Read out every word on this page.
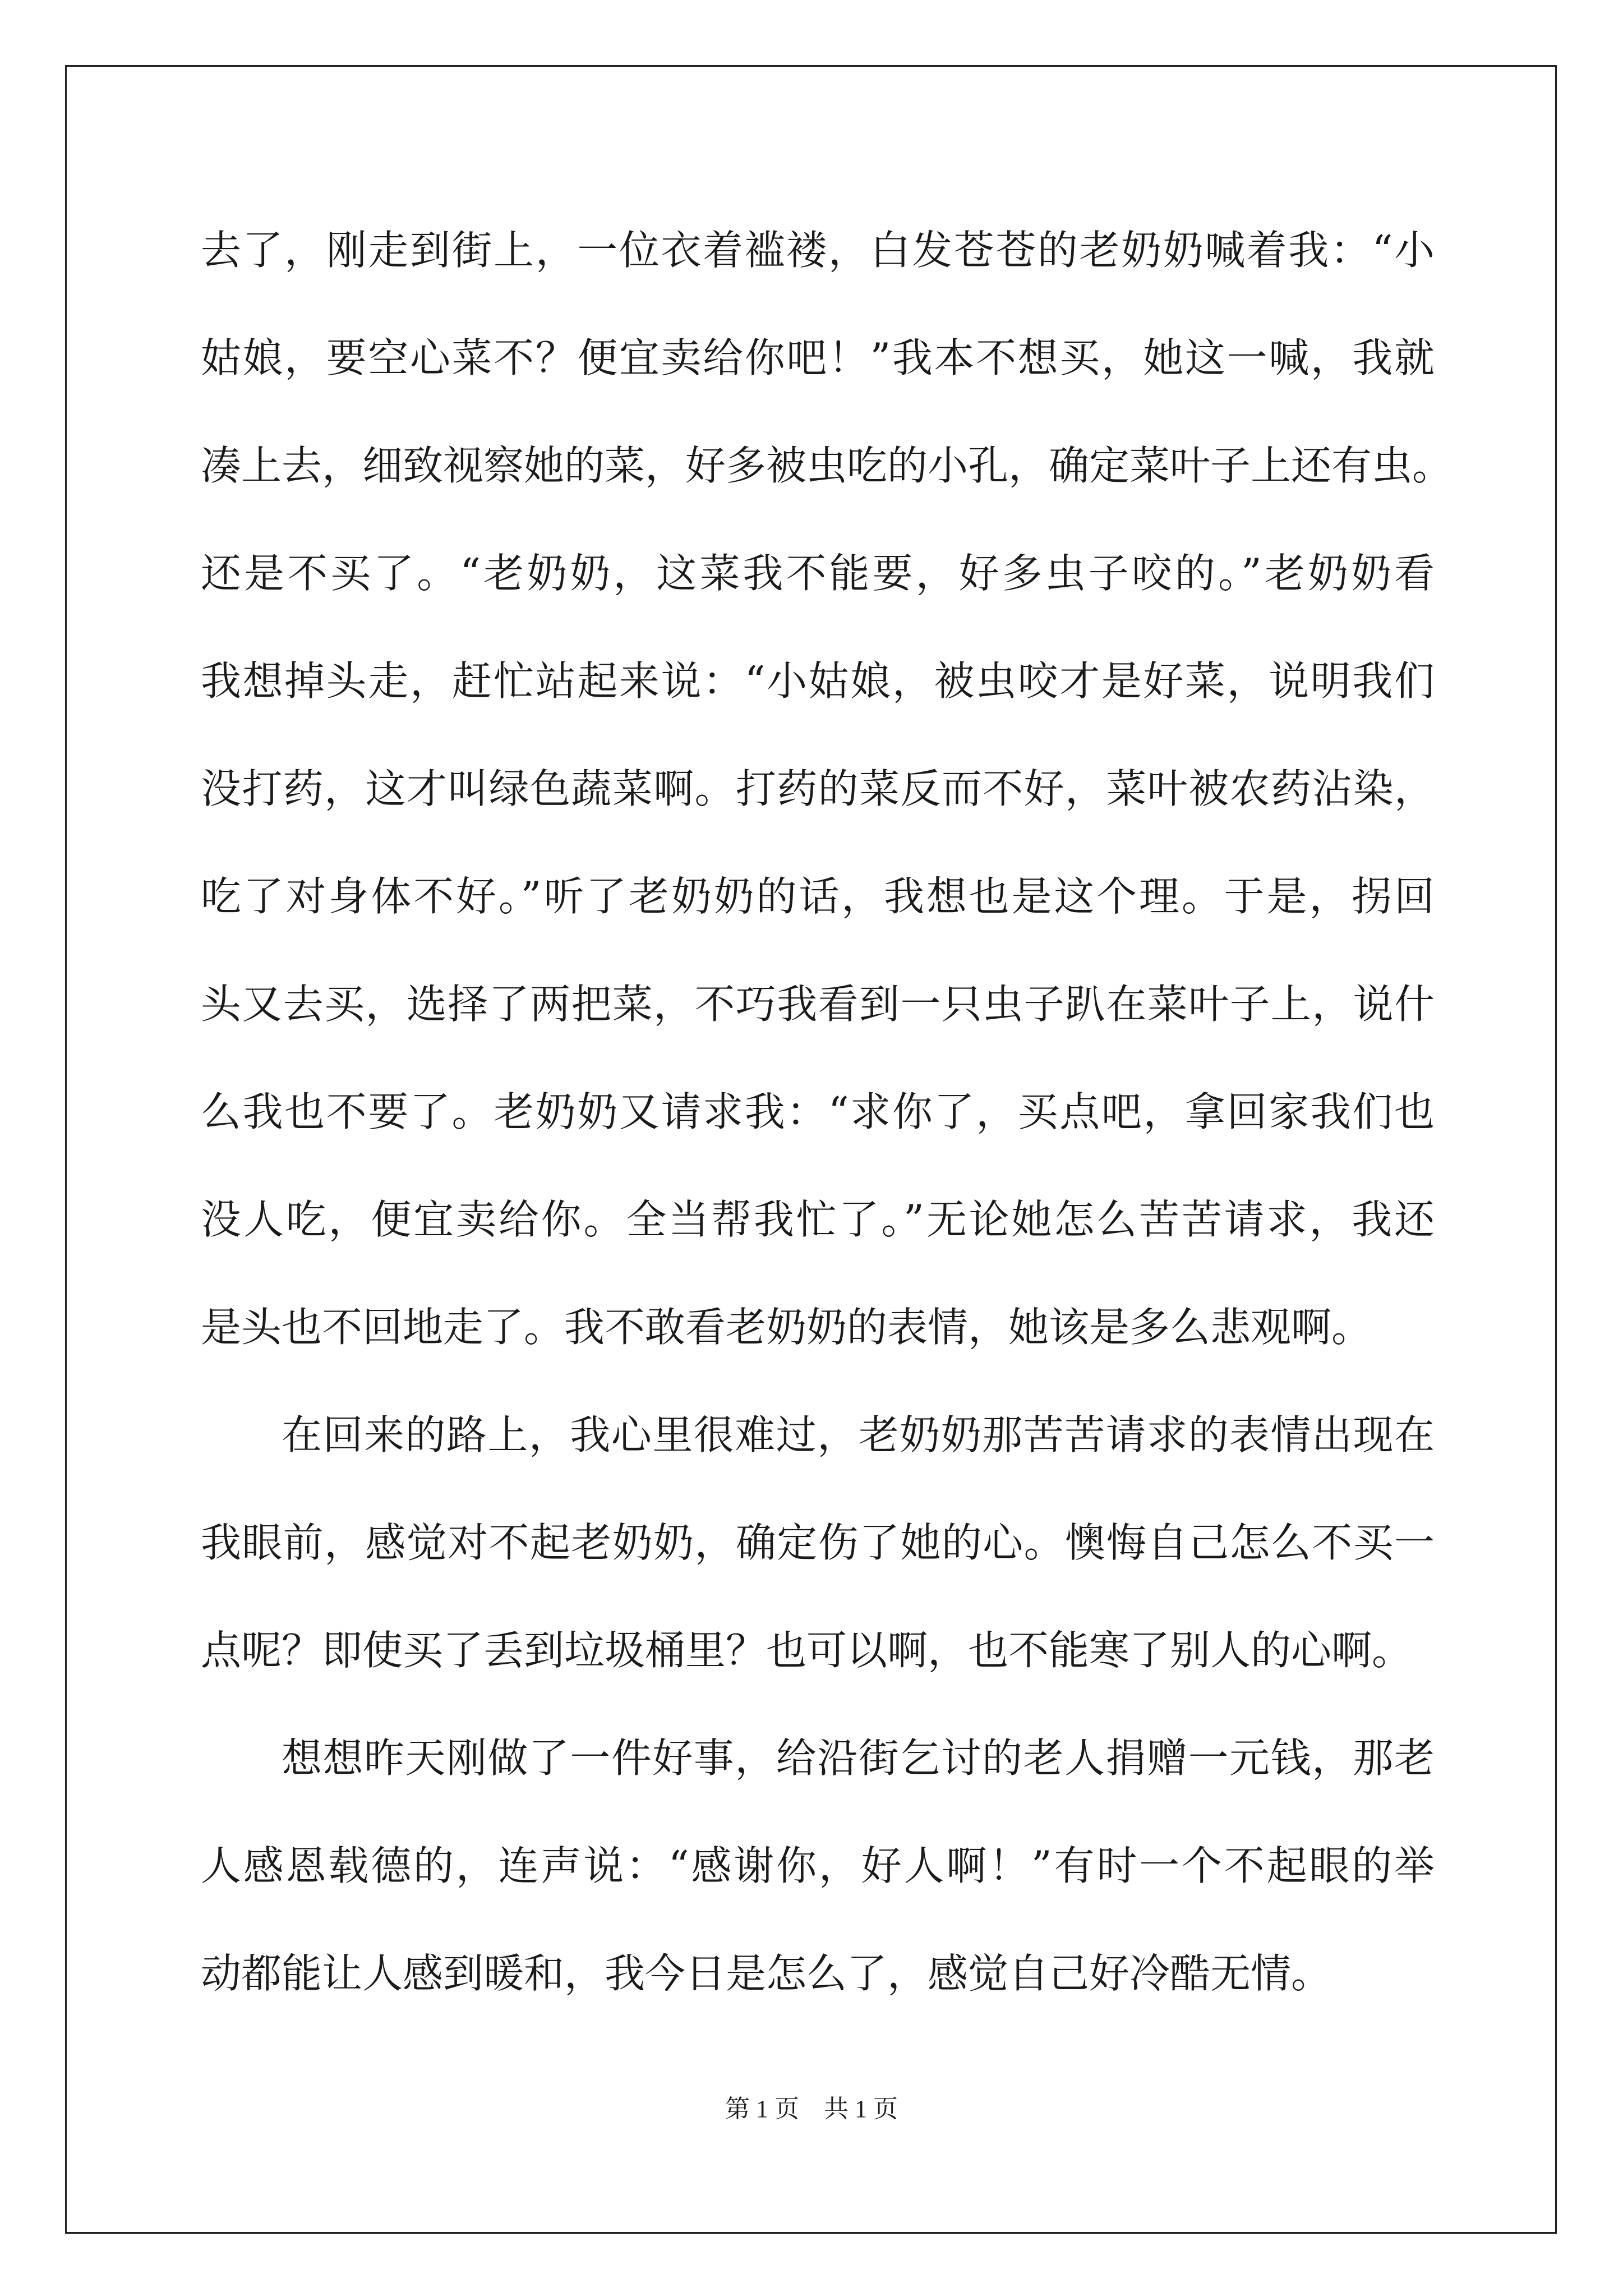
去了，刚走到街上，一位衣着褴褛，白发苍苍的老奶奶喊着我：“小
姑娘，要空心菜不？便宜卖给你吧！”我本不想买，她这一喊，我就
凑上去，细致视察她的菜，好多被虫吃的小孔，确定菜叶子上还有虫。
还是不买了。“老奶奶，这菜我不能要，好多虫子咬的。”老奶奶看
我想掉头走，赶忙站起来说：“小姑娘，被虫咬才是好菜，说明我们
没打药，这才叫绿色蔬菜啊。打药的菜反而不好，菜叶被农药沾染，
吃了对身体不好。”听了老奶奶的话，我想也是这个理。于是，拐回
头又去买，选择了两把菜，不巧我看到一只虫子趴在菜叶子上，说什
么我也不要了。老奶奶又请求我：“求你了，买点吧，拿回家我们也
没人吃，便宜卖给你。全当帮我忙了。”无论她怎么苦苦请求，我还
是头也不回地走了。我不敢看老奶奶的表情，她该是多么悲观啊。
在回来的路上，我心里很难过，老奶奶那苦苦请求的表情出现在
我眼前，感觉对不起老奶奶，确定伤了她的心。懊悔自己怎么不买一
点呢？即使买了丢到垃圾桶里？也可以啊，也不能寒了别人的心啊。
想想昨天刚做了一件好事，给沿街乞讨的老人捐赠一元钱，那老
人感恩载德的，连声说：“感谢你，好人啊！”有时一个不起眼的举
动都能让人感到暖和，我今日是怎么了，感觉自己好冷酷无情。
第 1 页　共 1 页
